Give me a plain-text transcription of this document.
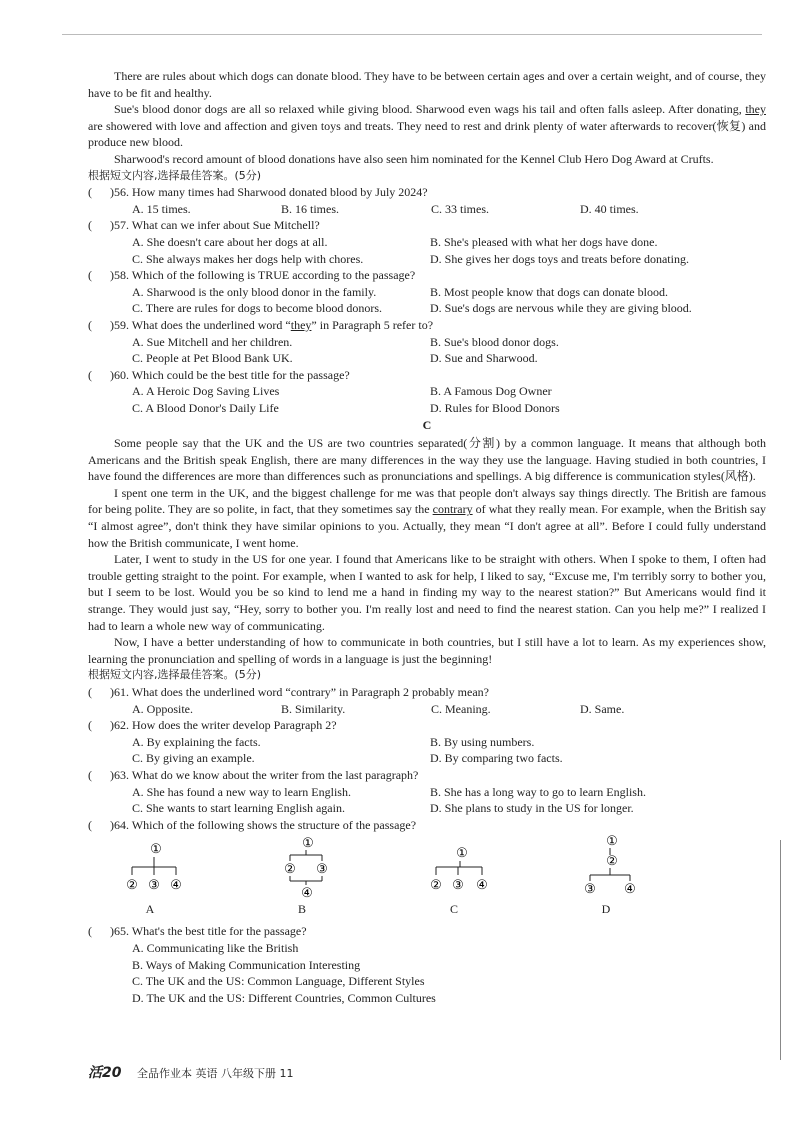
There are rules about which dogs can donate blood. They have to be between certain ages and over a certain weight, and of course, they have to be fit and healthy.

Sue's blood donor dogs are all so relaxed while giving blood. Sharwood even wags his tail and often falls asleep. After donating, they are showered with love and affection and given toys and treats. They need to rest and drink plenty of water afterwards to recover(恢复) and produce new blood.

Sharwood's record amount of blood donations have also seen him nominated for the Kennel Club Hero Dog Award at Crufts.

根据短文内容,选择最佳答案。(5分)

( )56. How many times had Sharwood donated blood by July 2024?
A. 15 times.	B. 16 times.	C. 33 times.	D. 40 times.
( )57. What can we infer about Sue Mitchell?
A. She doesn't care about her dogs at all.	B. She's pleased with what her dogs have done.
C. She always makes her dogs help with chores.	D. She gives her dogs toys and treats before donating.
( )58. Which of the following is TRUE according to the passage?
A. Sharwood is the only blood donor in the family.	B. Most people know that dogs can donate blood.
C. There are rules for dogs to become blood donors.	D. Sue's dogs are nervous while they are giving blood.
( )59. What does the underlined word “they” in Paragraph 5 refer to?
A. Sue Mitchell and her children.	B. Sue's blood donor dogs.
C. People at Pet Blood Bank UK.	D. Sue and Sharwood.
( )60. Which could be the best title for the passage?
A. A Heroic Dog Saving Lives	B. A Famous Dog Owner
C. A Blood Donor's Daily Life	D. Rules for Blood Donors

C

Some people say that the UK and the US are two countries separated(分割) by a common language. It means that although both Americans and the British speak English, there are many differences in the way they use the language. Having studied in both countries, I have found the differences are more than differences such as pronunciations and spellings. A big difference is communication styles(风格).

I spent one term in the UK, and the biggest challenge for me was that people don't always say things directly. The British are famous for being polite. They are so polite, in fact, that they sometimes say the contrary of what they really mean. For example, when the British say “I almost agree”, don't think they have similar opinions to you. Actually, they mean “I don't agree at all”. Before I could fully understand how the British communicate, I went home.

Later, I went to study in the US for one year. I found that Americans like to be straight with others. When I spoke to them, I often had trouble getting straight to the point. For example, when I wanted to ask for help, I liked to say, “Excuse me, I'm terribly sorry to bother you, but I seem to be lost. Would you be so kind to lend me a hand in finding my way to the nearest station?” But Americans would find it strange. They would just say, “Hey, sorry to bother you. I'm really lost and need to find the nearest station. Can you help me?” I realized I had to learn a whole new way of communicating.

Now, I have a better understanding of how to communicate in both countries, but I still have a lot to learn. As my experiences show, learning the pronunciation and spelling of words in a language is just the beginning!

根据短文内容,选择最佳答案。(5分)

( )61. What does the underlined word “contrary” in Paragraph 2 probably mean?
A. Opposite.	B. Similarity.	C. Meaning.	D. Same.
( )62. How does the writer develop Paragraph 2?
A. By explaining the facts.	B. By using numbers.
C. By giving an example.	D. By comparing two facts.
( )63. What do we know about the writer from the last paragraph?
A. She has found a new way to learn English.	B. She has a long way to go to learn English.
C. She wants to start learning English again.	D. She plans to study in the US for longer.
( )64. Which of the following shows the structure of the passage?
①
② ③ ④
A
①
② ③
④
B
①
② ③ ④
C
①
②
③ ④
D
( )65. What's the best title for the passage?
A. Communicating like the British
B. Ways of Making Communication Interesting
C. The UK and the US: Common Language, Different Styles
D. The UK and the US: Different Countries, Common Cultures
活20 全品作业本 英语 八年级下册 11
